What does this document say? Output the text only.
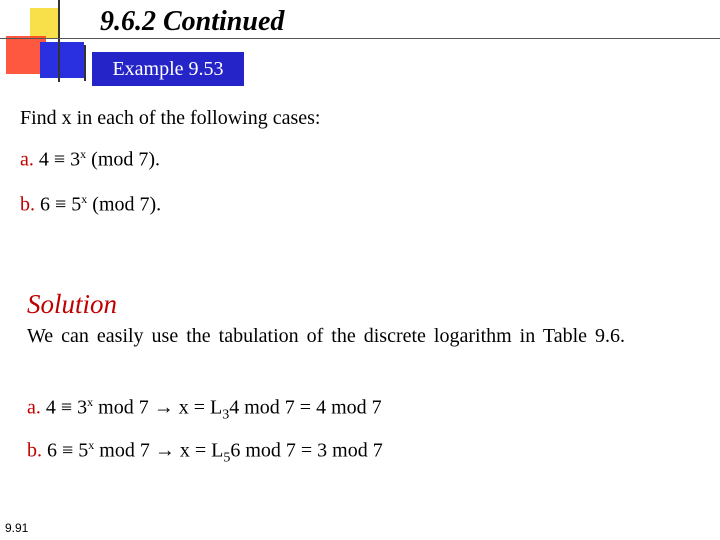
9.6.2 Continued
Example 9.53
Find x in each of the following cases:
a. $4 \equiv 3^x$ (mod 7).
b. $6 \equiv 5^x$ (mod 7).
Solution
We can easily use the tabulation of the discrete logarithm in Table 9.6.
a. $4 \equiv 3^x$ mod $7 \to x = L_34$ mod 7 = 4 mod 7
b. $6 \equiv 5^x$ mod $7 \to x = L_56$ mod 7 = 3 mod 7
9.91
